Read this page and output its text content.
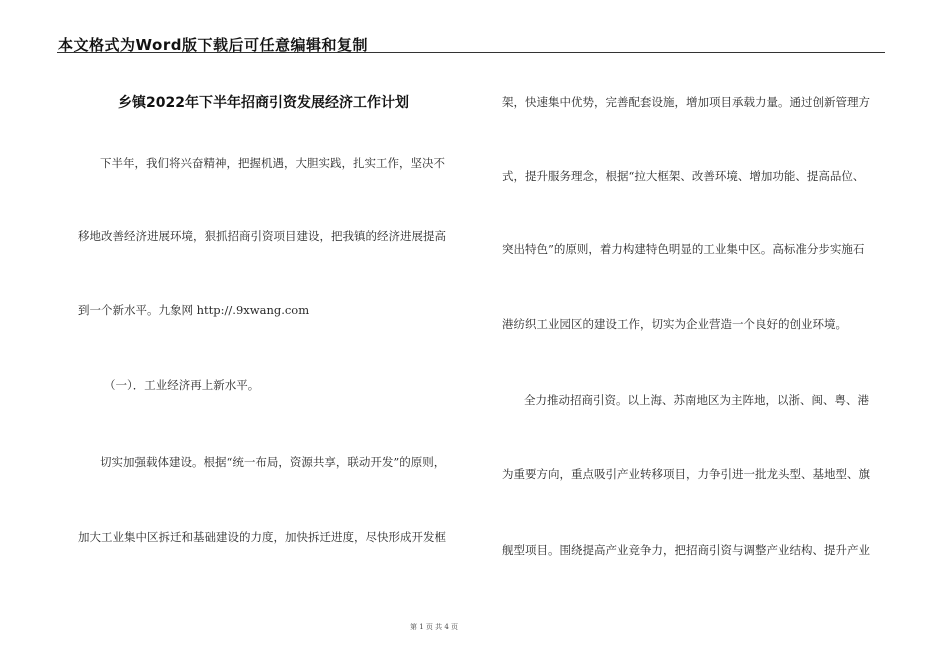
本文格式为Word版下载后可任意编辑和复制
乡镇2022年下半年招商引资发展经济工作计划
下半年，我们将兴奋精神，把握机遇，大胆实践，扎实工作，坚决不
移地改善经济进展环境，狠抓招商引资项目建设，把我镇的经济进展提高
到一个新水平。九象网 http://.9xwang.com
（一）．工业经济再上新水平。
切实加强载体建设。根据“统一布局，资源共享，联动开发”的原则，
加大工业集中区拆迁和基础建设的力度，加快拆迁进度，尽快形成开发框
架，快速集中优势，完善配套设施，增加项目承载力量。通过创新管理方
式，提升服务理念，根据“拉大框架、改善环境、增加功能、提高品位、
突出特色”的原则，着力构建特色明显的工业集中区。高标准分步实施石
港纺织工业园区的建设工作，切实为企业营造一个良好的创业环境。
全力推动招商引资。以上海、苏南地区为主阵地，以浙、闽、粤、港
为重要方向，重点吸引产业转移项目，力争引进一批龙头型、基地型、旗
舰型项目。围绕提高产业竞争力，把招商引资与调整产业结构、提升产业
第 1 页 共 4 页
